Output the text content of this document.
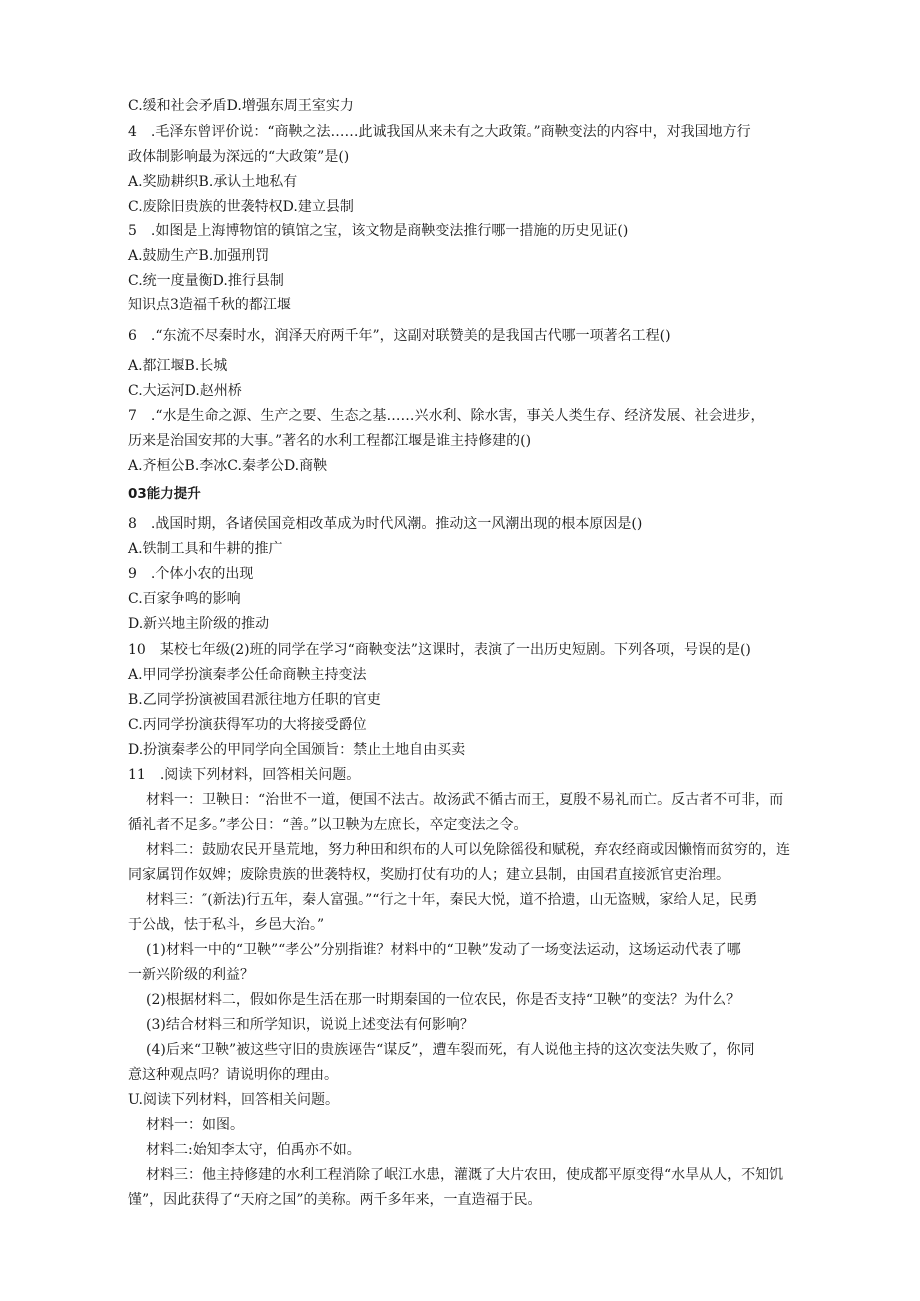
C.缓和社会矛盾D.增强东周王室实力
4　.毛泽东曾评价说：“商鞅之法……此诚我国从来未有之大政策。”商鞅变法的内容中，对我国地方行
政体制影响最为深远的“大政策”是()
A.奖励耕织B.承认土地私有
C.废除旧贵族的世袭特权D.建立县制
5　.如图是上海博物馆的镇馆之宝，该文物是商鞅变法推行哪一措施的历史见证()
A.鼓励生产B.加强刑罚
C.统一度量衡D.推行县制
知识点3造福千秋的都江堰
6　.“东流不尽秦时水，润泽天府两千年”，这副对联赞美的是我国古代哪一项著名工程()
A.都江堰B.长城
C.大运河D.赵州桥
7　.“水是生命之源、生产之要、生态之基……兴水利、除水害，事关人类生存、经济发展、社会进步，
历来是治国安邦的大事。”著名的水利工程都江堰是谁主持修建的()
A.齐桓公B.李冰C.秦孝公D.商鞅
03能力提升
8　.战国时期，各诸侯国竞相改革成为时代风潮。推动这一风潮出现的根本原因是()
A.铁制工具和牛耕的推广
9　.个体小农的出现
C.百家争鸣的影响
D.新兴地主阶级的推动
10　某校七年级(2)班的同学在学习“商鞅变法”这课时，表演了一出历史短剧。下列各项，号误的是()
A.甲同学扮演秦孝公任命商鞅主持变法
B.乙同学扮演被国君派往地方任职的官吏
C.丙同学扮演获得军功的大将接受爵位
D.扮演秦孝公的甲同学向全国颁旨：禁止土地自由买卖
11　.阅读下列材料，回答相关问题。
材料一：卫鞅日：“治世不一道，便国不法古。故汤武不循古而王，夏殷不易礼而亡。反古者不可非，而
循礼者不足多。”孝公日：“善。”以卫鞅为左庶长，卒定变法之令。
材料二：鼓励农民开垦荒地，努力种田和织布的人可以免除徭役和赋税，弃农经商或因懒惰而贫穷的，连
同家属罚作奴婢；废除贵族的世袭特权，奖励打仗有功的人；建立县制，由国君直接派官吏治理。
材料三：″(新法)行五年，秦人富强。”“行之十年，秦民大悦，道不拾遗，山无盗贼，家给人足，民勇
于公战，怯于私斗，乡邑大治。”
(1)材料一中的“卫鞅”“孝公”分别指谁？材料中的“卫鞅”发动了一场变法运动，这场运动代表了哪
一新兴阶级的利益？
(2)根据材料二，假如你是生活在那一时期秦国的一位农民，你是否支持“卫鞅”的变法？为什么？
(3)结合材料三和所学知识，说说上述变法有何影响？
(4)后来“卫鞅”被这些守旧的贵族诬告“谋反”，遭车裂而死，有人说他主持的这次变法失败了，你同
意这种观点吗？请说明你的理由。
U.阅读下列材料，回答相关问题。
材料一：如图。
材料二:始知李太守，伯禹亦不如。
材料三：他主持修建的水利工程消除了岷江水患，灌溉了大片农田，使成都平原变得“水旱从人，不知饥
馑”，因此获得了“天府之国”的美称。两千多年来，一直造福于民。
